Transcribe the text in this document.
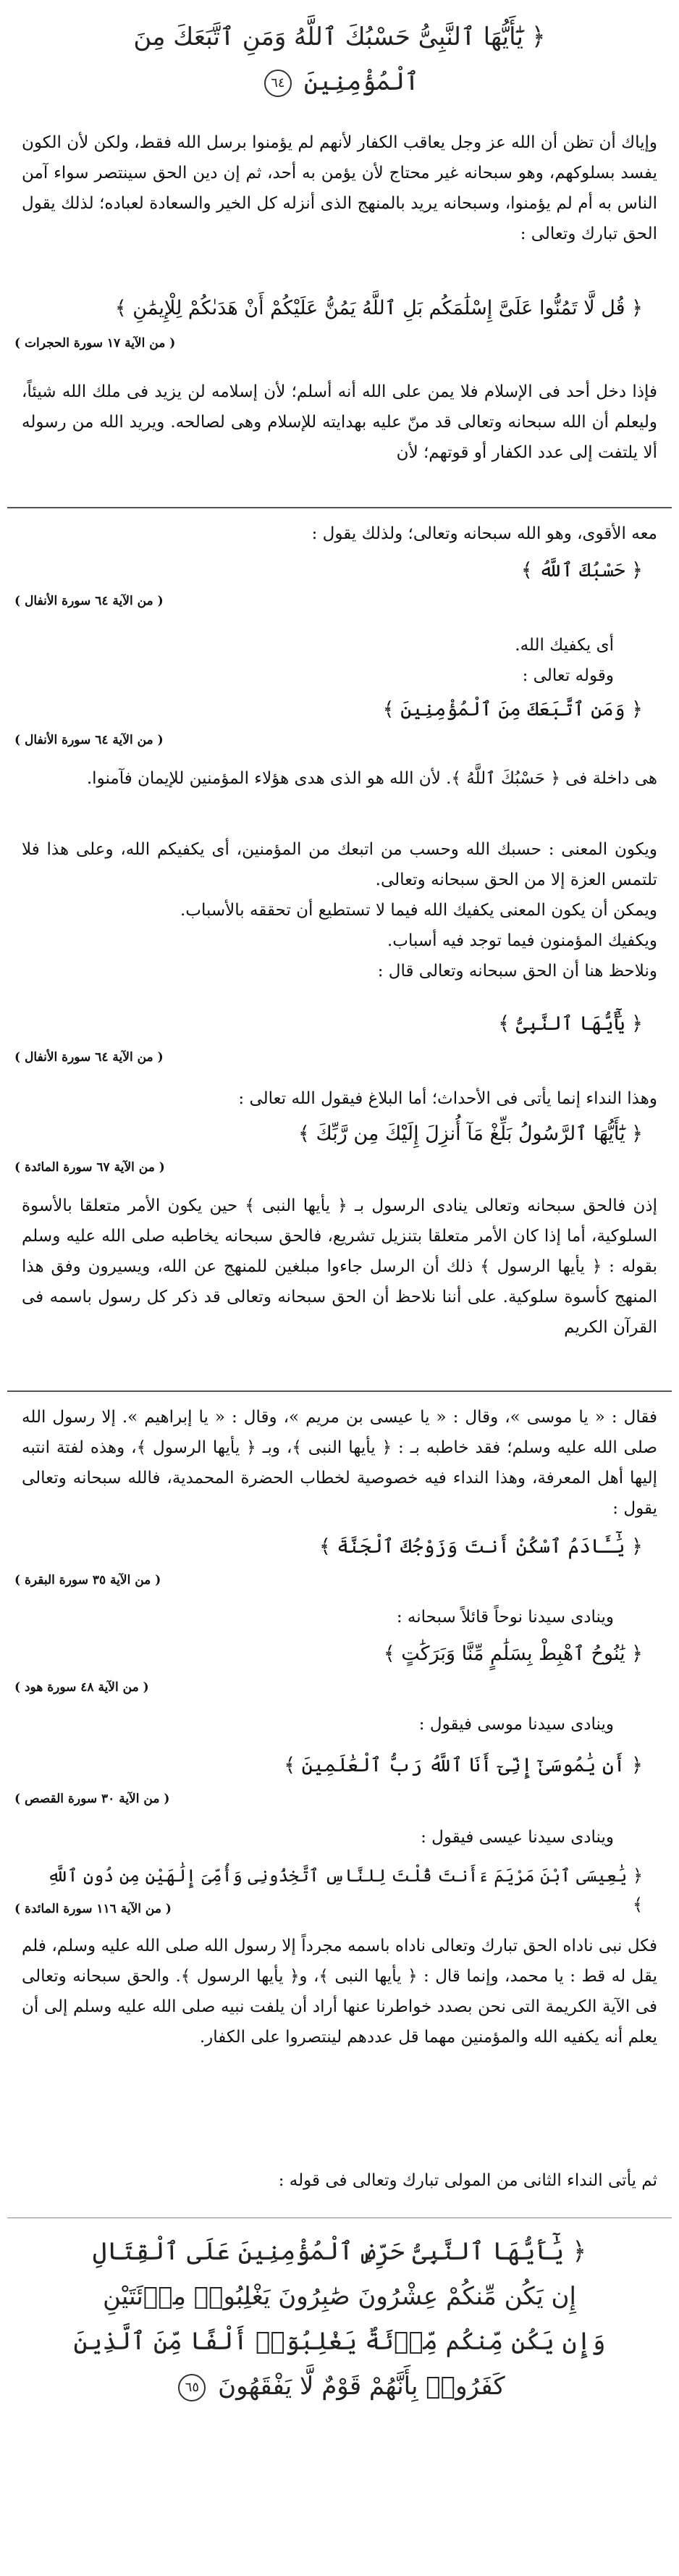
﴿ يَٰٓأَيُّهَا ٱلنَّبِىُّ حَسْبُكَ ٱللَّهُ وَمَنِ ٱتَّبَعَكَ مِنَ
ٱلْمُؤْمِنِينَ ٦٤

وإياك أن تظن أن الله عز وجل يعاقب الكفار لأنهم لم يؤمنوا برسل الله فقط، ولكن لأن الكون يفسد بسلوكهم، وهو سبحانه غير محتاج لأن يؤمن به أحد، ثم إن دين الحق سينتصر سواء آمن الناس به أم لم يؤمنوا، وسبحانه يريد بالمنهج الذى أنزله كل الخير والسعادة لعباده؛ لذلك يقول الحق تبارك وتعالى :

﴿ قُل لَّا تَمُنُّوا عَلَىَّ إِسْلَٰمَكُم بَلِ ٱللَّهُ يَمُنُّ عَلَيْكُمْ أَنْ هَدَىٰكُمْ لِلْإِيمَٰنِ ﴾
( من الآية ١٧ سورة الحجرات )

فإذا دخل أحد فى الإسلام فلا يمن على الله أنه أسلم؛ لأن إسلامه لن يزيد فى ملك الله شيئاً، وليعلم أن الله سبحانه وتعالى قد منّ عليه بهدايته للإسلام وهى لصالحه. ويريد الله من رسوله ألا يلتفت إلى عدد الكفار أو قوتهم؛ لأن

معه الأقوى، وهو الله سبحانه وتعالى؛ ولذلك يقول :

﴿ حَسْبُكَ ٱللَّهُ ﴾
( من الآية ٦٤ سورة الأنفال )

أى يكفيك الله.

وقوله تعالى :

﴿ وَمَنِ ٱتَّبَعَكَ مِنَ ٱلْمُؤْمِنِينَ ﴾
( من الآية ٦٤ سورة الأنفال )

هى داخلة فى ﴿ حَسْبُكَ ٱللَّهُ ﴾. لأن الله هو الذى هدى هؤلاء المؤمنين للإيمان فآمنوا.

ويكون المعنى : حسبك الله وحسب من اتبعك من المؤمنين، أى يكفيكم الله، وعلى هذا فلا تلتمس العزة إلا من الحق سبحانه وتعالى.

ويمكن أن يكون المعنى يكفيك الله فيما لا تستطيع أن تحققه بالأسباب.

ويكفيك المؤمنون فيما توجد فيه أسباب.

ونلاحظ هنا أن الحق سبحانه وتعالى قال :

﴿ يَٰٓأَيُّهَا ٱلنَّبِىُّ ﴾
( من الآية ٦٤ سورة الأنفال )

وهذا النداء إنما يأتى فى الأحداث؛ أما البلاغ فيقول الله تعالى :

﴿ يَٰٓأَيُّهَا ٱلرَّسُولُ بَلِّغْ مَآ أُنزِلَ إِلَيْكَ مِن رَّبِّكَ ﴾
( من الآية ٦٧ سورة المائدة )

إذن فالحق سبحانه وتعالى ينادى الرسول بـ ﴿ يأيها النبى ﴾ حين يكون الأمر متعلقا بالأسوة السلوكية، أما إذا كان الأمر متعلقا بتنزيل تشريع، فالحق سبحانه يخاطبه صلى الله عليه وسلم بقوله : ﴿ يأيها الرسول ﴾ ذلك أن الرسل جاءوا مبلغين للمنهج عن الله، ويسيرون وفق هذا المنهج كأسوة سلوكية. على أننا نلاحظ أن الحق سبحانه وتعالى قد ذكر كل رسول باسمه فى القرآن الكريم

فقال : « يا موسى »، وقال : « يا عيسى بن مريم »، وقال : « يا إبراهيم ». إلا رسول الله صلى الله عليه وسلم؛ فقد خاطبه بـ : ﴿ يأيها النبى ﴾، وبـ ﴿ يأيها الرسول ﴾، وهذه لفتة انتبه إليها أهل المعرفة، وهذا النداء فيه خصوصية لخطاب الحضرة المحمدية، فالله سبحانه وتعالى يقول :

﴿ يَٰٓـَٔادَمُ ٱسْكُنْ أَنتَ وَزَوْجُكَ ٱلْجَنَّةَ ﴾
( من الآية ٣٥ سورة البقرة )

وينادى سيدنا نوحاً قائلاً سبحانه :

﴿ يَٰنُوحُ ٱهْبِطْ بِسَلَٰمٍ مِّنَّا وَبَرَكَٰتٍ ﴾
( من الآية ٤٨ سورة هود )

وينادى سيدنا موسى فيقول :

﴿ أَن يَٰمُوسَىٰٓ إِنِّىٓ أَنَا ٱللَّهُ رَبُّ ٱلْعَٰلَمِينَ ﴾
( من الآية ٣٠ سورة القصص )

وينادى سيدنا عيسى فيقول :

﴿ يَٰعِيسَى ٱبْنَ مَرْيَمَ ءَأَنتَ قُلْتَ لِلنَّاسِ ٱتَّخِذُونِى وَأُمِّىَ إِلَٰهَيْنِ مِن دُونِ ٱللَّهِ ﴾
( من الآية ١١٦ سورة المائدة )

فكل نبى ناداه الحق تبارك وتعالى ناداه باسمه مجرداً إلا رسول الله صلى الله عليه وسلم، فلم يقل له قط : يا محمد، وإنما قال : ﴿ يأيها النبى ﴾، و﴿ يأيها الرسول ﴾. والحق سبحانه وتعالى فى الآية الكريمة التى نحن بصدد خواطرنا عنها أراد أن يلفت نبيه صلى الله عليه وسلم إلى أن يعلم أنه يكفيه الله والمؤمنين مهما قل عددهم لينتصروا على الكفار.

ثم يأتى النداء الثانى من المولى تبارك وتعالى فى قوله :

﴿ يَٰٓأَيُّهَا ٱلنَّبِىُّ حَرِّضِ ٱلْمُؤْمِنِينَ عَلَى ٱلْقِتَالِ
إِن يَكُن مِّنكُمْ عِشْرُونَ صَٰبِرُونَ يَغْلِبُوا۟ مِا۟ئَتَيْنِ
وَإِن يَكُن مِّنكُم مِّا۟ئَةٌ يَغْلِبُوٓا۟ أَلْفًا مِّنَ ٱلَّذِينَ
كَفَرُوا۟ بِأَنَّهُمْ قَوْمٌ لَّا يَفْقَهُونَ ٦٥
